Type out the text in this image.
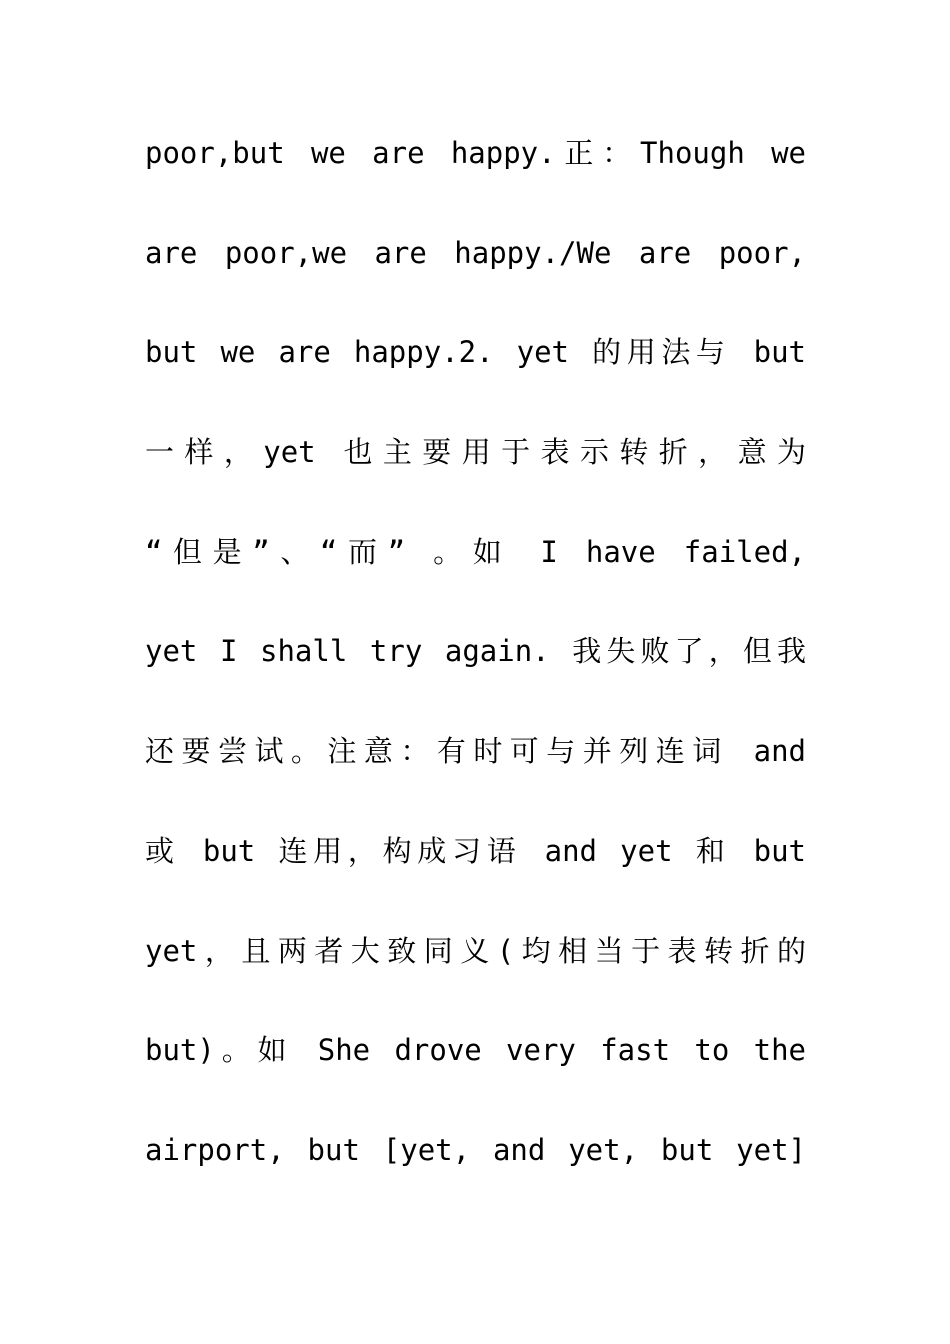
poor,but we are happy.正：Though we
are poor,we are happy./We are poor,
but we are happy.2. yet 的用法与 but
一样，yet 也主要用于表示转折，意为
“但是”、“而” 。如 I have failed,
yet I shall try again. 我失败了，但我
还要尝试。注意：有时可与并列连词 and
或 but 连用，构成习语 and yet 和 but
yet，且两者大致同义(均相当于表转折的
but)。如 She drove very fast to the
airport, but [yet, and yet, but yet]
